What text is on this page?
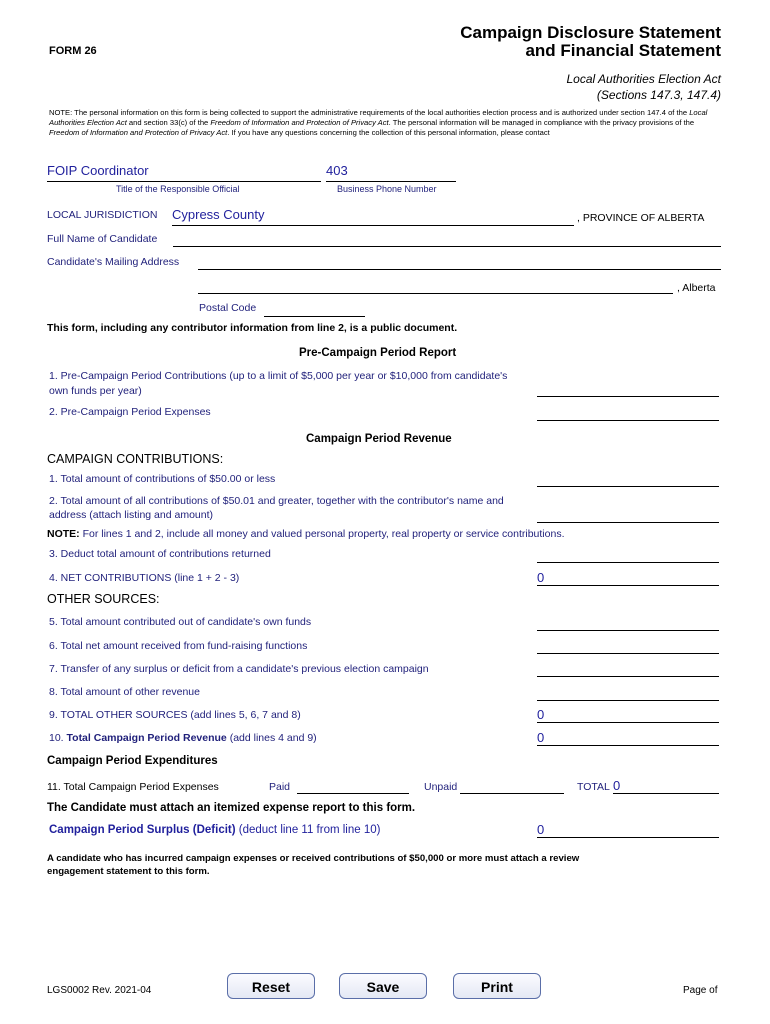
FORM 26
Campaign Disclosure Statement
and Financial Statement
Local Authorities Election Act
(Sections 147.3, 147.4)
NOTE: The personal information on this form is being collected to support the administrative requirements of the local authorities election process and is authorized under section 147.4 of the Local Authorities Election Act and section 33(c) of the Freedom of Information and Protection of Privacy Act. The personal information will be managed in compliance with the privacy provisions of the Freedom of Information and Protection of Privacy Act. If you have any questions concerning the collection of this personal information, please contact
FOIP Coordinator
Title of the Responsible Official
403
Business Phone Number
LOCAL JURISDICTION Cypress County	, PROVINCE OF ALBERTA
Full Name of Candidate
Candidate's Mailing Address
, Alberta
Postal Code
This form, including any contributor information from line 2, is a public document.
Pre-Campaign Period Report
1. Pre-Campaign Period Contributions (up to a limit of $5,000 per year or $10,000 from candidate's
own funds per year)
2. Pre-Campaign Period Expenses
Campaign Period Revenue
CAMPAIGN CONTRIBUTIONS:
1. Total amount of contributions of $50.00 or less
2. Total amount of all contributions of $50.01 and greater, together with the contributor's name and
address (attach listing and amount)
NOTE: For lines 1 and 2, include all money and valued personal property, real property or service contributions.
3. Deduct total amount of contributions returned
4. NET CONTRIBUTIONS (line 1 + 2 - 3)	0
OTHER SOURCES:
5. Total amount contributed out of candidate's own funds
6. Total net amount received from fund-raising functions
7. Transfer of any surplus or deficit from a candidate's previous election campaign
8. Total amount of other revenue
9. TOTAL OTHER SOURCES (add lines 5, 6, 7 and 8)	0
10. Total Campaign Period Revenue (add lines 4 and 9)	0
Campaign Period Expenditures
11. Total Campaign Period Expenses	Paid	Unpaid	TOTAL 0
The Candidate must attach an itemized expense report to this form.
Campaign Period Surplus (Deficit) (deduct line 11 from line 10)	0
A candidate who has incurred campaign expenses or received contributions of $50,000 or more must attach a review
engagement statement to this form.
LGS0002 Rev. 2021-04	Reset	Save	Print	Page of
